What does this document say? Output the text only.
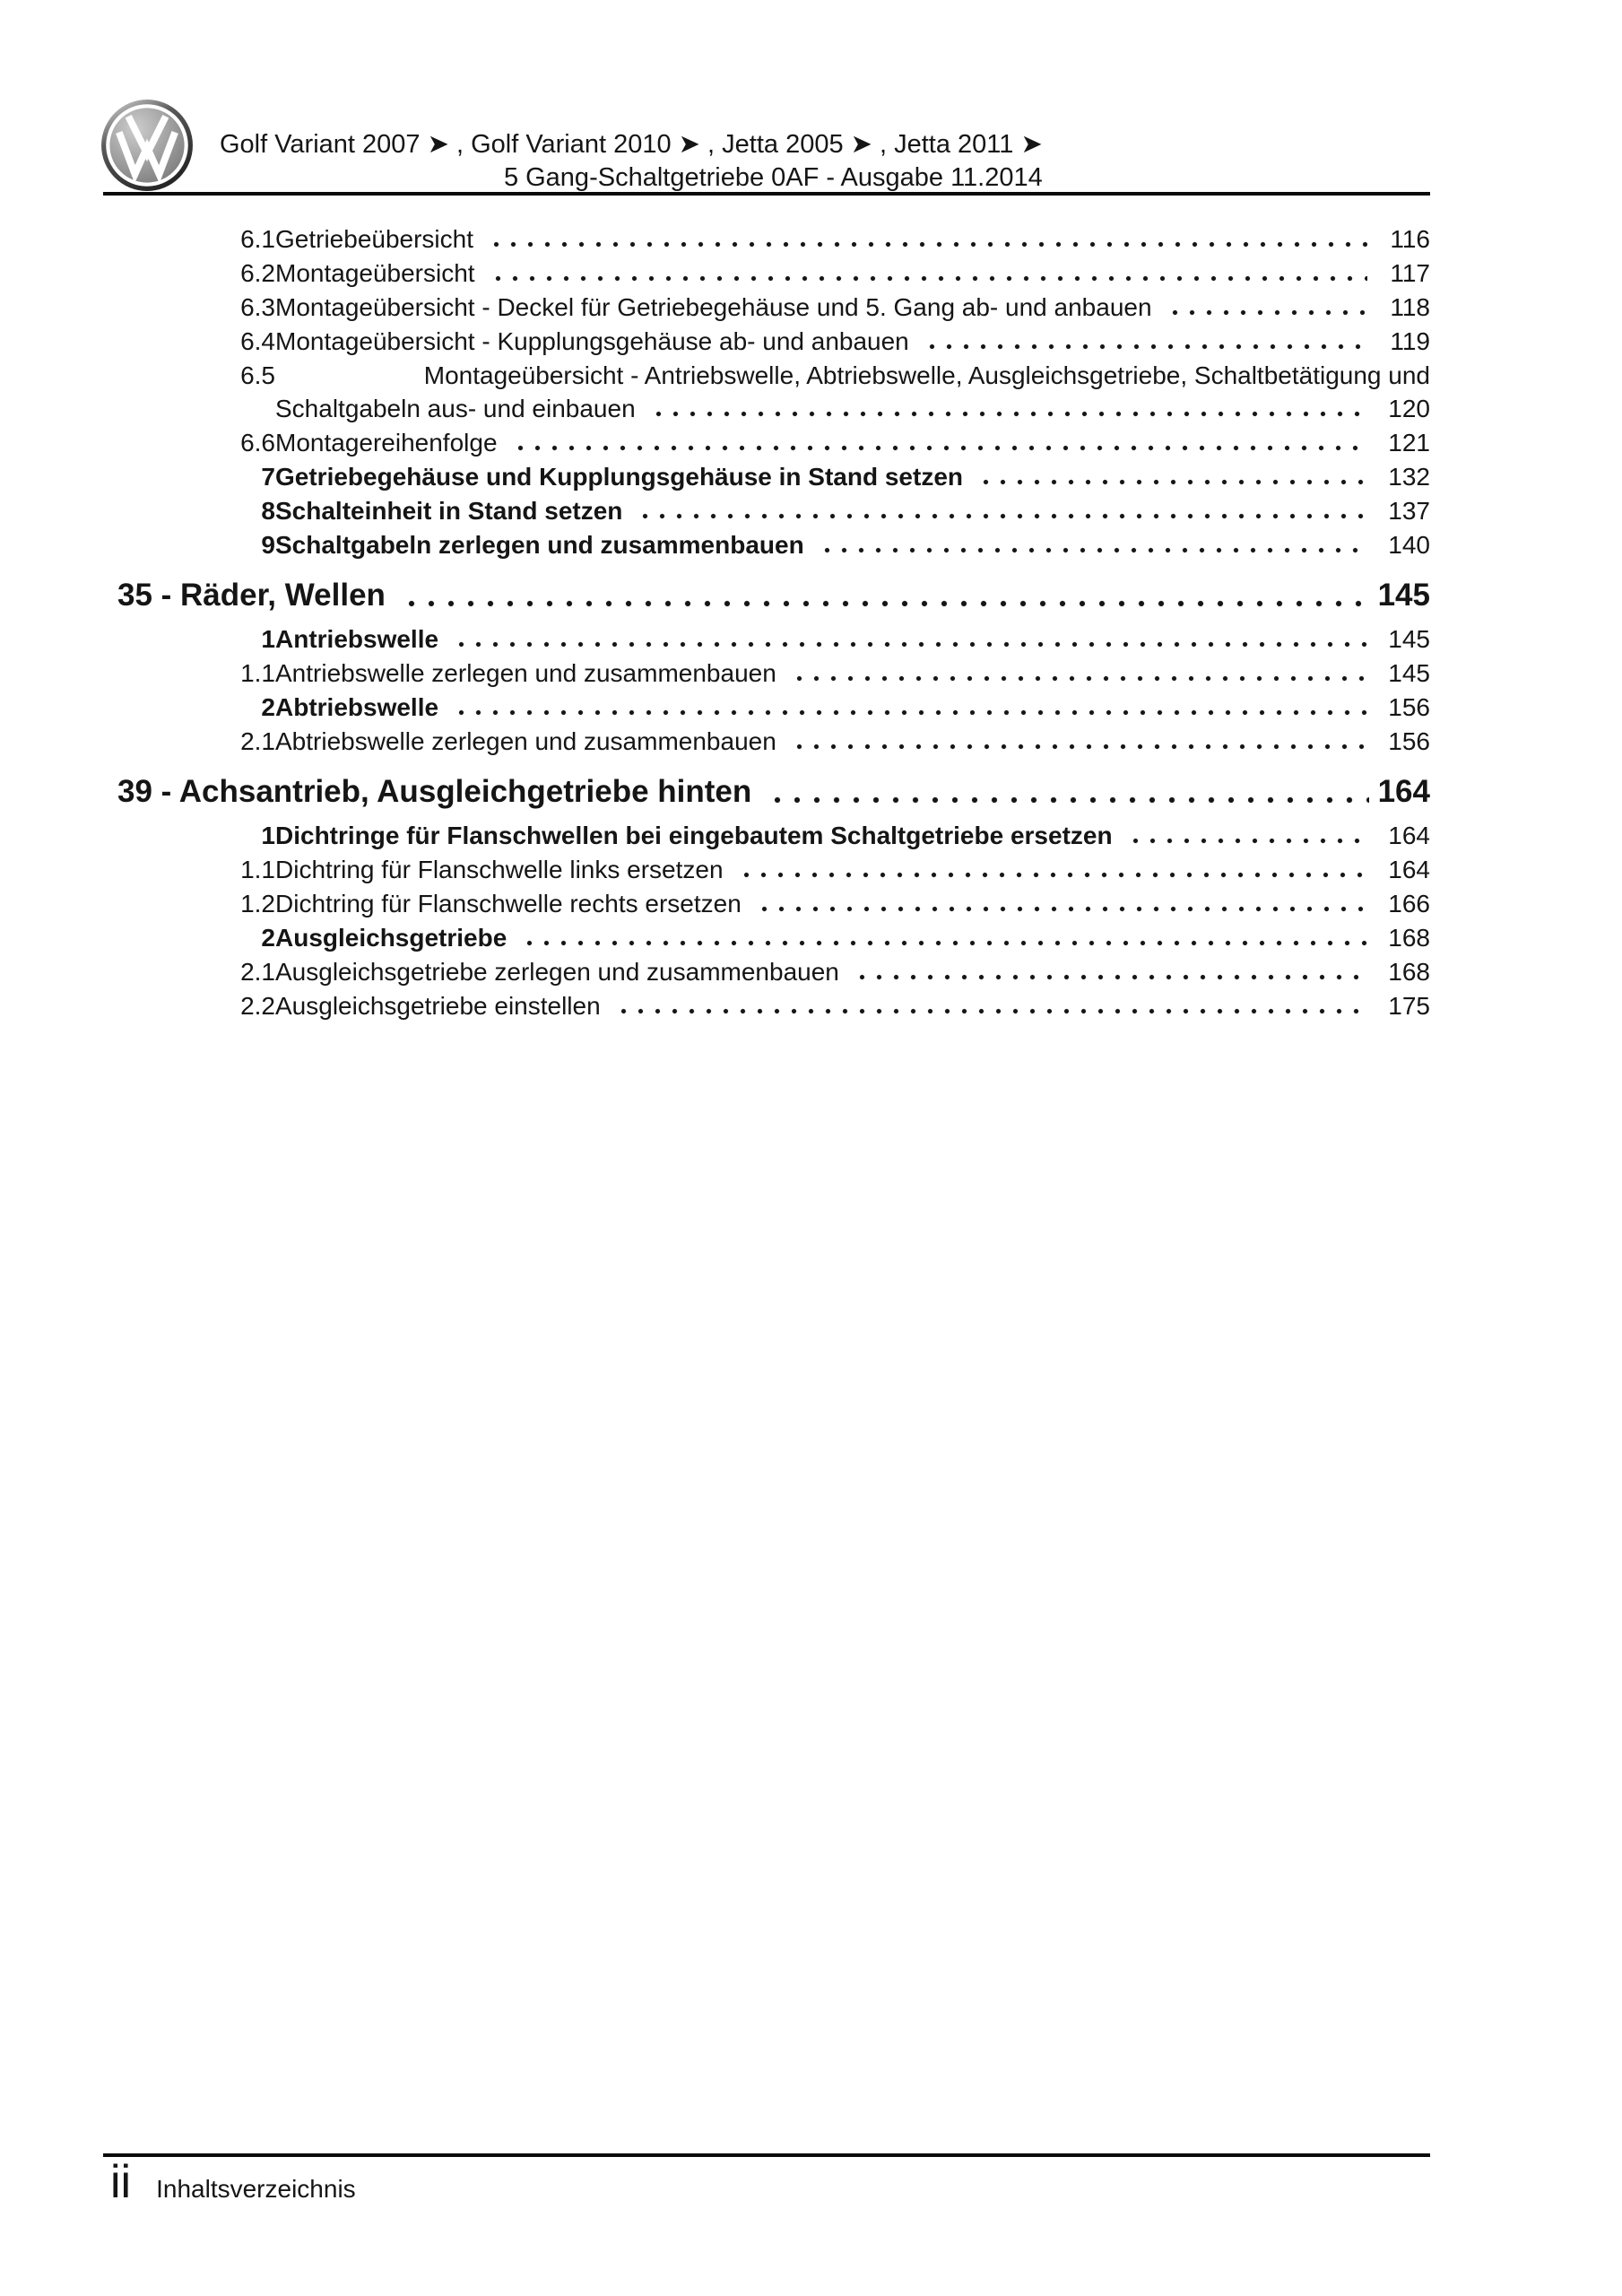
Golf Variant 2007 ➤ , Golf Variant 2010 ➤ , Jetta 2005 ➤ , Jetta 2011 ➤
5 Gang-Schaltgetriebe 0AF - Ausgabe 11.2014
6.1 Getriebeübersicht	116
6.2 Montageübersicht	117
6.3 Montageübersicht - Deckel für Getriebegehäuse und 5. Gang ab- und anbauen	118
6.4 Montageübersicht - Kupplungsgehäuse ab- und anbauen	119
6.5	Montageübersicht - Antriebswelle, Abtriebswelle, Ausgleichsgetriebe, Schaltbetätigung und
Schaltgabeln aus- und einbauen	120
6.6 Montagereihenfolge	121
7 Getriebegehäuse und Kupplungsgehäuse in Stand setzen	132
8 Schalteinheit in Stand setzen	137
9 Schaltgabeln zerlegen und zusammenbauen	140
35 - Räder, Wellen	145
1 Antriebswelle	145
1.1 Antriebswelle zerlegen und zusammenbauen	145
2 Abtriebswelle	156
2.1 Abtriebswelle zerlegen und zusammenbauen	156
39 - Achsantrieb, Ausgleichgetriebe hinten	164
1 Dichtringe für Flanschwellen bei eingebautem Schaltgetriebe ersetzen	164
1.1 Dichtring für Flanschwelle links ersetzen	164
1.2 Dichtring für Flanschwelle rechts ersetzen	166
2 Ausgleichsgetriebe	168
2.1 Ausgleichsgetriebe zerlegen und zusammenbauen	168
2.2 Ausgleichsgetriebe einstellen	175
ii Inhaltsverzeichnis
